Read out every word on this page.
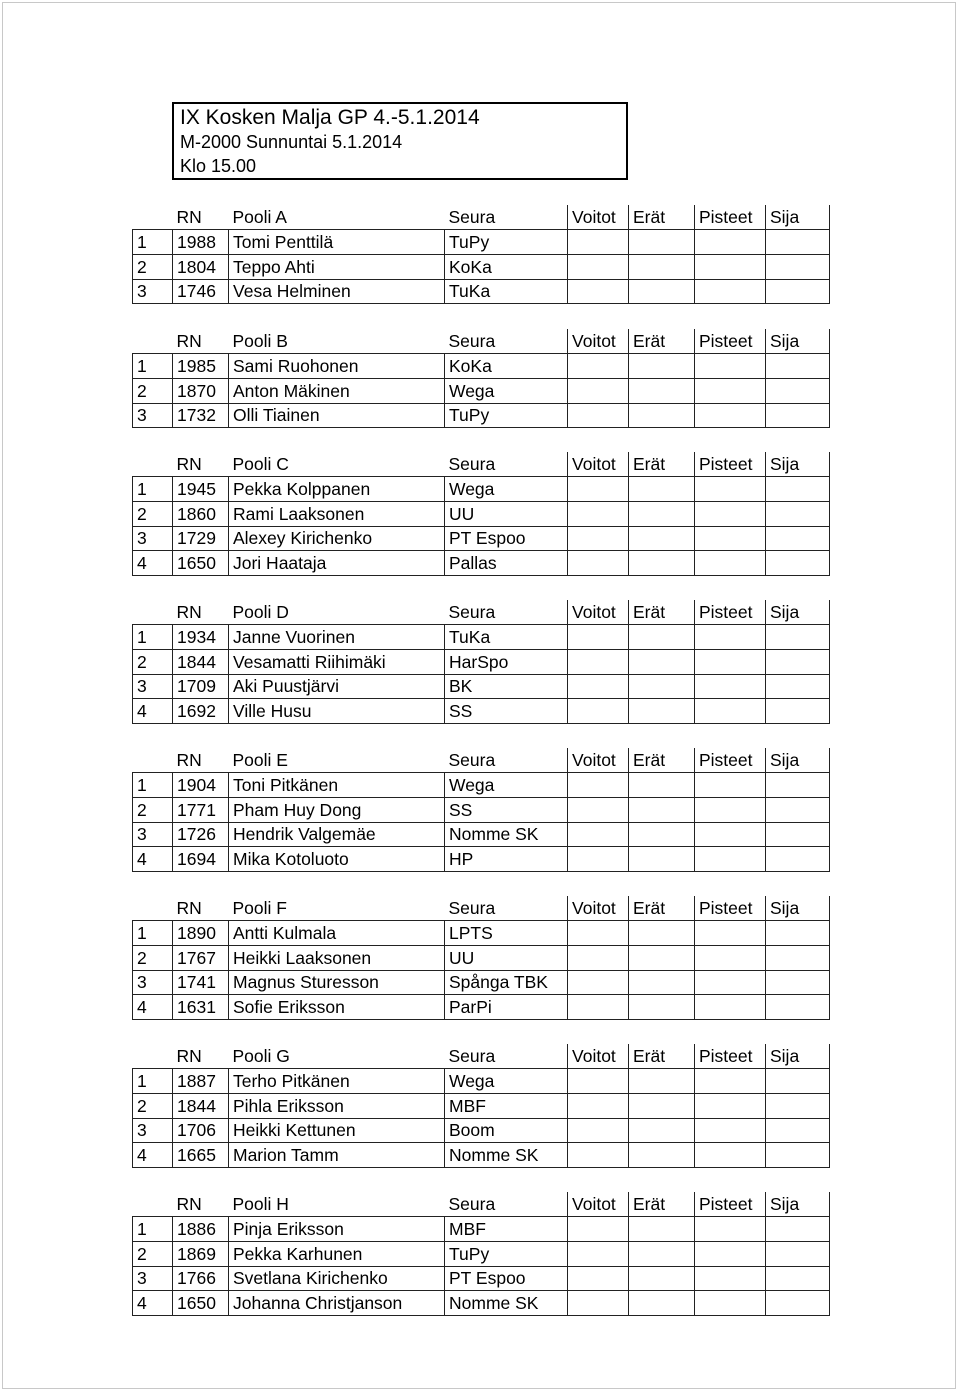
IX Kosken Malja GP 4.-5.1.2014
M-2000 Sunnuntai 5.1.2014
Klo 15.00
	RN	Pooli A	Seura	Voitot	Erät	Pisteet	Sija
1	1988	Tomi Penttilä	TuPy				
2	1804	Teppo Ahti	KoKa				
3	1746	Vesa Helminen	TuKa				
	RN	Pooli B	Seura	Voitot	Erät	Pisteet	Sija
1	1985	Sami Ruohonen	KoKa				
2	1870	Anton Mäkinen	Wega				
3	1732	Olli Tiainen	TuPy				
	RN	Pooli C	Seura	Voitot	Erät	Pisteet	Sija
1	1945	Pekka Kolppanen	Wega				
2	1860	Rami Laaksonen	UU				
3	1729	Alexey Kirichenko	PT Espoo				
4	1650	Jori Haataja	Pallas				
	RN	Pooli D	Seura	Voitot	Erät	Pisteet	Sija
1	1934	Janne Vuorinen	TuKa				
2	1844	Vesamatti Riihimäki	HarSpo				
3	1709	Aki Puustjärvi	BK				
4	1692	Ville Husu	SS				
	RN	Pooli E	Seura	Voitot	Erät	Pisteet	Sija
1	1904	Toni Pitkänen	Wega				
2	1771	Pham Huy Dong	SS				
3	1726	Hendrik Valgemäe	Nomme SK				
4	1694	Mika Kotoluoto	HP				
	RN	Pooli F	Seura	Voitot	Erät	Pisteet	Sija
1	1890	Antti Kulmala	LPTS				
2	1767	Heikki Laaksonen	UU				
3	1741	Magnus Sturesson	Spånga TBK				
4	1631	Sofie Eriksson	ParPi				
	RN	Pooli G	Seura	Voitot	Erät	Pisteet	Sija
1	1887	Terho Pitkänen	Wega				
2	1844	Pihla Eriksson	MBF				
3	1706	Heikki Kettunen	Boom				
4	1665	Marion Tamm	Nomme SK				
	RN	Pooli H	Seura	Voitot	Erät	Pisteet	Sija
1	1886	Pinja Eriksson	MBF				
2	1869	Pekka Karhunen	TuPy				
3	1766	Svetlana Kirichenko	PT Espoo				
4	1650	Johanna Christjanson	Nomme SK				
